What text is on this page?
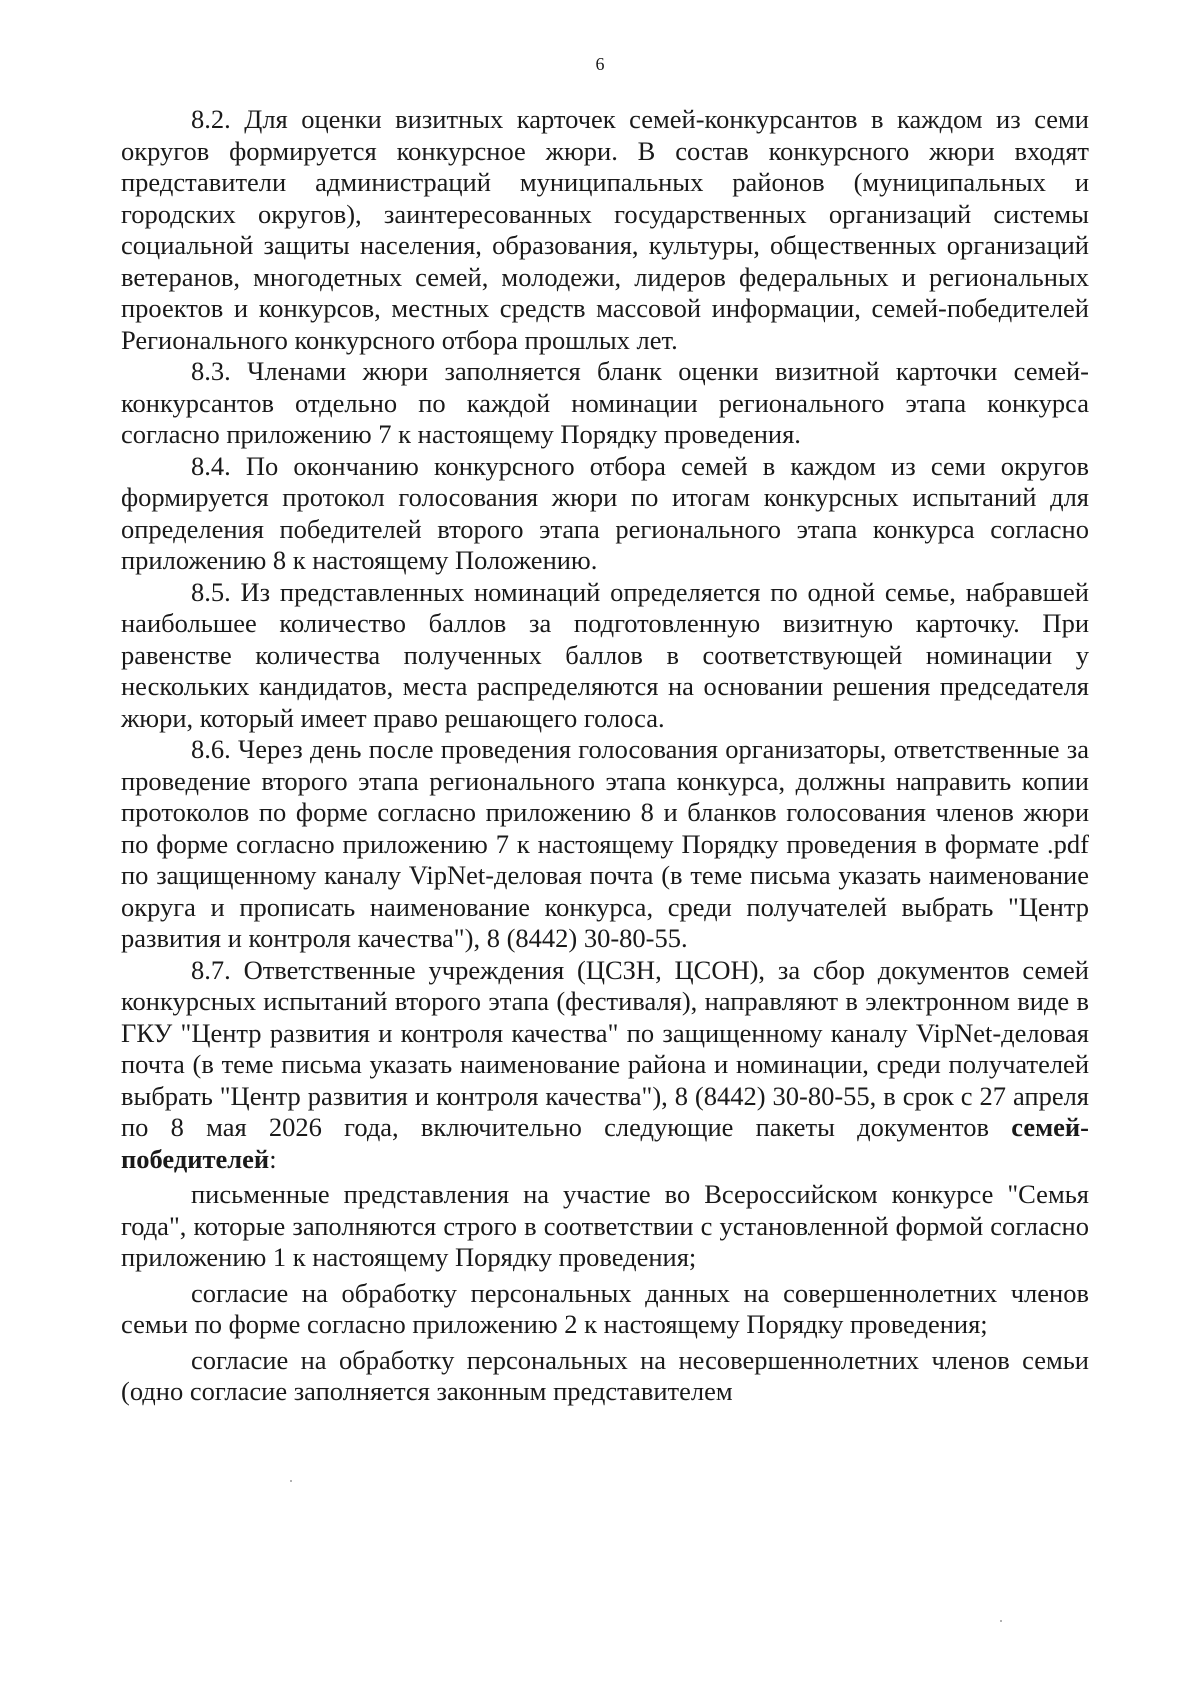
6

8.2. Для оценки визитных карточек семей-конкурсантов в каждом из семи округов формируется конкурсное жюри. В состав конкурсного жюри входят представители администраций муниципальных районов (муниципальных и городских округов), заинтересованных государственных организаций системы социальной защиты населения, образования, культуры, общественных организаций ветеранов, многодетных семей, молодежи, лидеров федеральных и региональных проектов и конкурсов, местных средств массовой информации, семей-победителей Регионального конкурсного отбора прошлых лет.

8.3. Членами жюри заполняется бланк оценки визитной карточки семей-конкурсантов отдельно по каждой номинации регионального этапа конкурса согласно приложению 7 к настоящему Порядку проведения.

8.4. По окончанию конкурсного отбора семей в каждом из семи округов формируется протокол голосования жюри по итогам конкурсных испытаний для определения победителей второго этапа регионального этапа конкурса согласно приложению 8 к настоящему Положению.

8.5. Из представленных номинаций определяется по одной семье, набравшей наибольшее количество баллов за подготовленную визитную карточку. При равенстве количества полученных баллов в соответствующей номинации у нескольких кандидатов, места распределяются на основании решения председателя жюри, который имеет право решающего голоса.

8.6. Через день после проведения голосования организаторы, ответственные за проведение второго этапа регионального этапа конкурса, должны направить копии протоколов по форме согласно приложению 8 и бланков голосования членов жюри по форме согласно приложению 7 к настоящему Порядку проведения в формате .pdf по защищенному каналу VipNet-деловая почта (в теме письма указать наименование округа и прописать наименование конкурса, среди получателей выбрать "Центр развития и контроля качества"), 8 (8442) 30-80-55.

8.7. Ответственные учреждения (ЦСЗН, ЦСОН), за сбор документов семей конкурсных испытаний второго этапа (фестиваля), направляют в электронном виде в ГКУ "Центр развития и контроля качества" по защищенному каналу VipNet-деловая почта (в теме письма указать наименование района и номинации, среди получателей выбрать "Центр развития и контроля качества"), 8 (8442) 30-80-55, в срок с 27 апреля по 8 мая 2026 года, включительно следующие пакеты документов семей-победителей:

письменные представления на участие во Всероссийском конкурсе "Семья года", которые заполняются строго в соответствии с установленной формой согласно приложению 1 к настоящему Порядку проведения;

согласие на обработку персональных данных на совершеннолетних членов семьи по форме согласно приложению 2 к настоящему Порядку проведения;

согласие на обработку персональных на несовершеннолетних членов семьи (одно согласие заполняется законным представителем
